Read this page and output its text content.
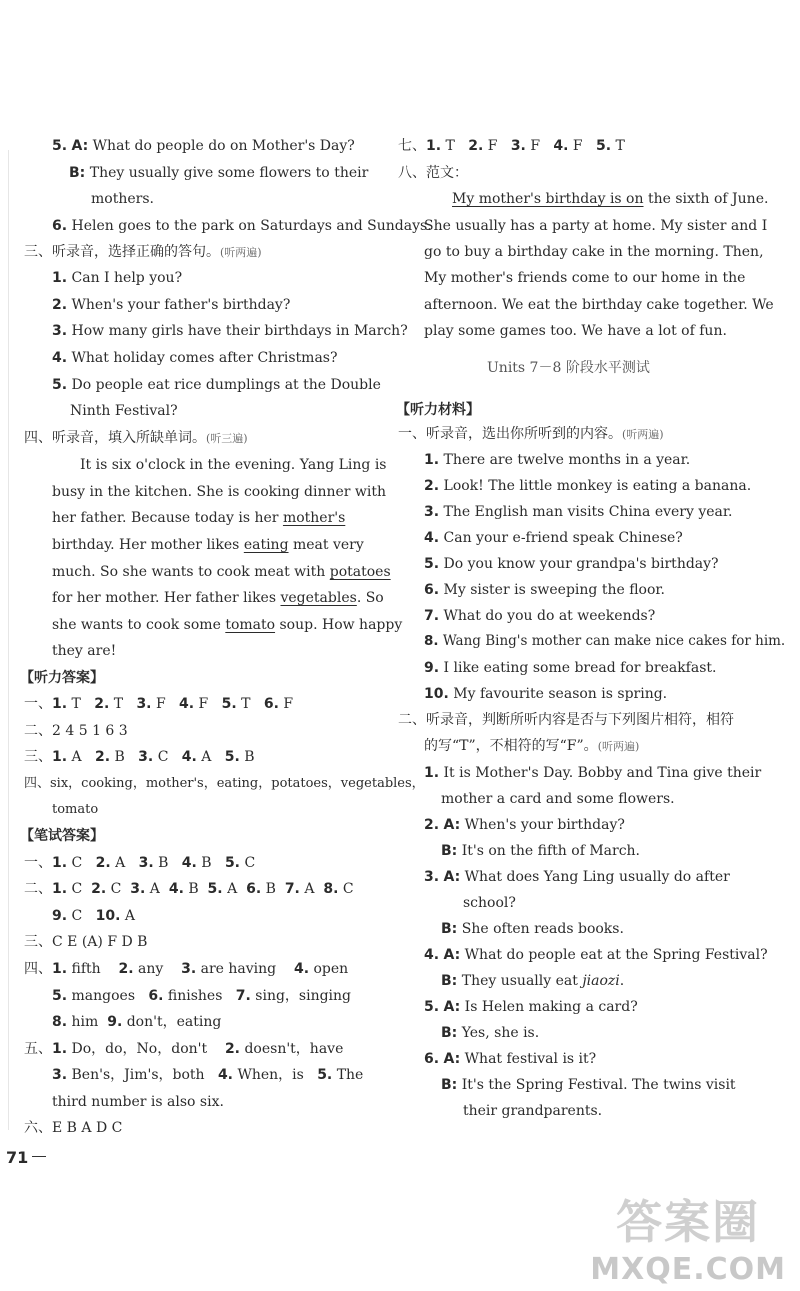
5. A: What do people do on Mother's Day?
B: They usually give some flowers to their
mothers.
6. Helen goes to the park on Saturdays and Sundays.
三、听录音，选择正确的答句。(听两遍)
1. Can I help you?
2. When's your father's birthday?
3. How many girls have their birthdays in March?
4. What holiday comes after Christmas?
5. Do people eat rice dumplings at the Double
Ninth Festival?
四、听录音，填入所缺单词。(听三遍)
It is six o'clock in the evening. Yang Ling is
busy in the kitchen. She is cooking dinner with
her father. Because today is her mother's
birthday. Her mother likes eating meat very
much. So she wants to cook meat with potatoes
for her mother. Her father likes vegetables. So
she wants to cook some tomato soup. How happy
they are!
【听力答案】
一、1. T 2. T 3. F 4. F 5. T 6. F
二、2 4 5 1 6 3
三、1. A 2. B 3. C 4. A 5. B
四、six，cooking，mother's，eating，potatoes，vegetables，
tomato
【笔试答案】
一、1. C 2. A 3. B 4. B 5. C
二、1. C 2. C 3. A 4. B 5. A 6. B 7. A 8. C
9. C 10. A
三、C E (A) F D B
四、1. fifth 2. any 3. are having 4. open
5. mangoes 6. finishes 7. sing，singing
8. him 9. don't，eating
五、1. Do，do，No，don't 2. doesn't，have
3. Ben's，Jim's，both 4. When，is 5. The
third number is also six.
六、E B A D C
71
七、1. T 2. F 3. F 4. F 5. T
八、范文：
My mother's birthday is on the sixth of June.
She usually has a party at home. My sister and I
go to buy a birthday cake in the morning. Then,
My mother's friends come to our home in the
afternoon. We eat the birthday cake together. We
play some games too. We have a lot of fun.
Units 7－8 阶段水平测试
【听力材料】
一、听录音，选出你所听到的内容。(听两遍)
1. There are twelve months in a year.
2. Look! The little monkey is eating a banana.
3. The English man visits China every year.
4. Can your e-friend speak Chinese?
5. Do you know your grandpa's birthday?
6. My sister is sweeping the floor.
7. What do you do at weekends?
8. Wang Bing's mother can make nice cakes for him.
9. I like eating some bread for breakfast.
10. My favourite season is spring.
二、听录音，判断所听内容是否与下列图片相符，相符
的写“T”，不相符的写“F”。(听两遍)
1. It is Mother's Day. Bobby and Tina give their
mother a card and some flowers.
2. A: When's your birthday?
B: It's on the fifth of March.
3. A: What does Yang Ling usually do after
school?
B: She often reads books.
4. A: What do people eat at the Spring Festival?
B: They usually eat jiaozi.
5. A: Is Helen making a card?
B: Yes, she is.
6. A: What festival is it?
B: It's the Spring Festival. The twins visit
their grandparents.
答案圈
MXQE.COM
